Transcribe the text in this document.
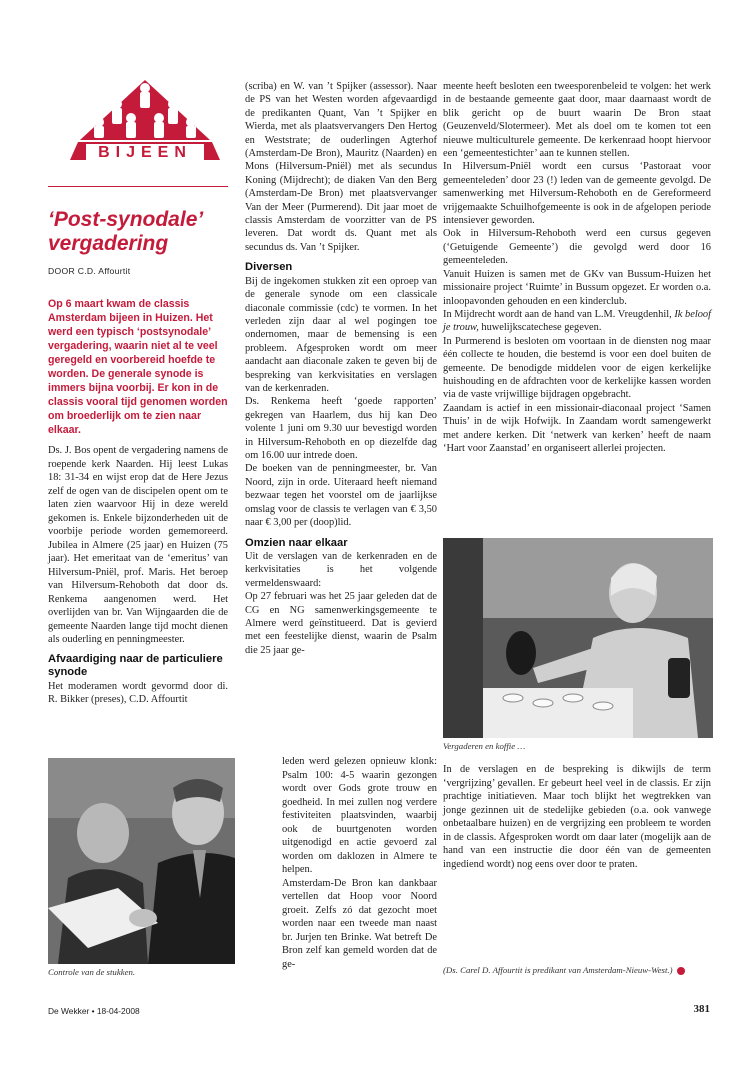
BIJEEN
‘Post-synodale’ vergadering
DOOR C.D. Affourtit

Op 6 maart kwam de classis Amsterdam bijeen in Huizen. Het werd een typisch ‘postsynodale’ vergadering, waarin niet al te veel geregeld en voorbereid hoefde te worden. De generale synode is immers bijna voorbij. Er kon in de classis vooral tijd genomen worden om broederlijk om te zien naar elkaar.

Ds. J. Bos opent de vergadering namens de roepende kerk Naarden. Hij leest Lukas 18: 31-34 en wijst erop dat de Here Jezus zelf de ogen van de discipelen opent om te laten zien waarvoor Hij in deze wereld gekomen is. Enkele bijzonderheden uit de voorbije periode worden gememoreerd. Jubilea in Almere (25 jaar) en Huizen (75 jaar). Het emeritaat van de ‘emeritus’ van Hilversum-Pniël, prof. Maris. Het beroep van Hilversum-Rehoboth dat door ds. Renkema aangenomen werd. Het overlijden van br. Van Wijngaarden die de gemeente Naarden lange tijd mocht dienen als ouderling en penningmeester.

Afvaardiging naar de particuliere synode

Het moderamen wordt gevormd door di. R. Bikker (preses), C.D. Affourtit

Controle van de stukken.

(scriba) en W. van ’t Spijker (assessor). Naar de PS van het Westen worden afgevaardigd de predikanten Quant, Van ’t Spijker en Wierda, met als plaatsvervangers Den Hertog en Weststrate; de ouderlingen Agterhof (Amsterdam-De Bron), Mauritz (Naarden) en Mons (Hilversum-Pniël) met als secundus Koning (Mijdrecht); de diaken Van den Berg (Amsterdam-De Bron) met plaatsvervanger Van der Meer (Purmerend). Dit jaar moet de classis Amsterdam de voorzitter van de PS leveren. Dat wordt ds. Quant met als secundus ds. Van ’t Spijker.

Diversen

Bij de ingekomen stukken zit een oproep van de generale synode om een classicale diaconale commissie (cdc) te vormen. In het verleden zijn daar al wel pogingen toe ondernomen, maar de bemensing is een probleem. Afgesproken wordt om meer aandacht aan diaconale zaken te geven bij de bespreking van kerkvisitaties en verslagen van de kerkenraden.

Ds. Renkema heeft ‘goede rapporten’ gekregen van Haarlem, dus hij kan Deo volente 1 juni om 9.30 uur bevestigd worden in Hilversum-Rehoboth en op diezelfde dag om 16.00 uur intrede doen.

De boeken van de penningmeester, br. Van Noord, zijn in orde. Uiteraard heeft niemand bezwaar tegen het voorstel om de jaarlijkse omslag voor de classis te verlagen van € 3,50 naar € 3,00 per (doop)lid.

Omzien naar elkaar

Uit de verslagen van de kerkenraden en de kerkvisitaties is het volgende vermeldenswaard:

Op 27 februari was het 25 jaar geleden dat de CG en NG samenwerkingsgemeente te Almere werd geïnstitueerd. Dat is gevierd met een feestelijke dienst, waarin de Psalm die 25 jaar ge-

leden werd gelezen opnieuw klonk: Psalm 100: 4-5 waarin gezongen wordt over Gods grote trouw en goedheid. In mei zullen nog verdere festiviteiten plaatsvinden, waarbij ook de buurtgenoten worden uitgenodigd en actie gevoerd zal worden om daklozen in Almere te helpen.

Amsterdam-De Bron kan dankbaar vertellen dat Hoop voor Noord groeit. Zelfs zó dat gezocht moet worden naar een tweede man naast br. Jurjen ten Brinke. Wat betreft De Bron zelf kan gemeld worden dat de ge-

meente heeft besloten een tweesporenbeleid te volgen: het werk in de bestaande gemeente gaat door, maar daarnaast wordt de blik gericht op de buurt waarin De Bron staat (Geuzenveld/Slotermeer). Met als doel om te komen tot een nieuwe multiculturele gemeente. De kerkenraad hoopt hiervoor een ‘gemeentestichter’ aan te kunnen stellen.

In Hilversum-Pniël wordt een cursus ‘Pastoraat voor gemeenteleden’ door 23 (!) leden van de gemeente gevolgd. De samenwerking met Hilversum-Rehoboth en de Gereformeerd vrijgemaakte Schuilhofgemeente is ook in de afgelopen periode intensiever geworden.

Ook in Hilversum-Rehoboth werd een cursus gegeven (‘Getuigende Gemeente’) die gevolgd werd door 16 gemeenteleden.

Vanuit Huizen is samen met de GKv van Bussum-Huizen het missionaire project ‘Ruimte’ in Bussum opgezet. Er worden o.a. inloopavonden gehouden en een kinderclub.

In Mijdrecht wordt aan de hand van L.M. Vreugdenhil, Ik beloof je trouw, huwelijkscatechese gegeven.

In Purmerend is besloten om voortaan in de diensten nog maar één collecte te houden, die bestemd is voor een doel buiten de gemeente. De benodigde middelen voor de eigen kerkelijke huishouding en de afdrachten voor de kerkelijke kassen worden via de vaste vrijwillige bijdragen opgebracht.

Zaandam is actief in een missionair-diaconaal project ‘Samen Thuis’ in de wijk Hofwijk. In Zaandam wordt samengewerkt met andere kerken. Dit ‘netwerk van kerken’ heeft de naam ‘Hart voor Zaanstad’ en organiseert allerlei projecten.

Vergaderen en koffie …

In de verslagen en de bespreking is dikwijls de term ‘vergrijzing’ gevallen. Er gebeurt heel veel in de classis. Er zijn prachtige initiatieven. Maar toch blijkt het wegtrekken van jonge gezinnen uit de stedelijke gebieden (o.a. ook vanwege onbetaalbare huizen) en de vergrijzing een probleem te worden in de classis. Afgesproken wordt om daar later (mogelijk aan de hand van een instructie die door één van de gemeenten ingediend wordt) nog eens over door te praten.

(Ds. Carel D. Affourtit is predikant van Amsterdam-Nieuw-West.)
De Wekker • 18-04-2008	381
